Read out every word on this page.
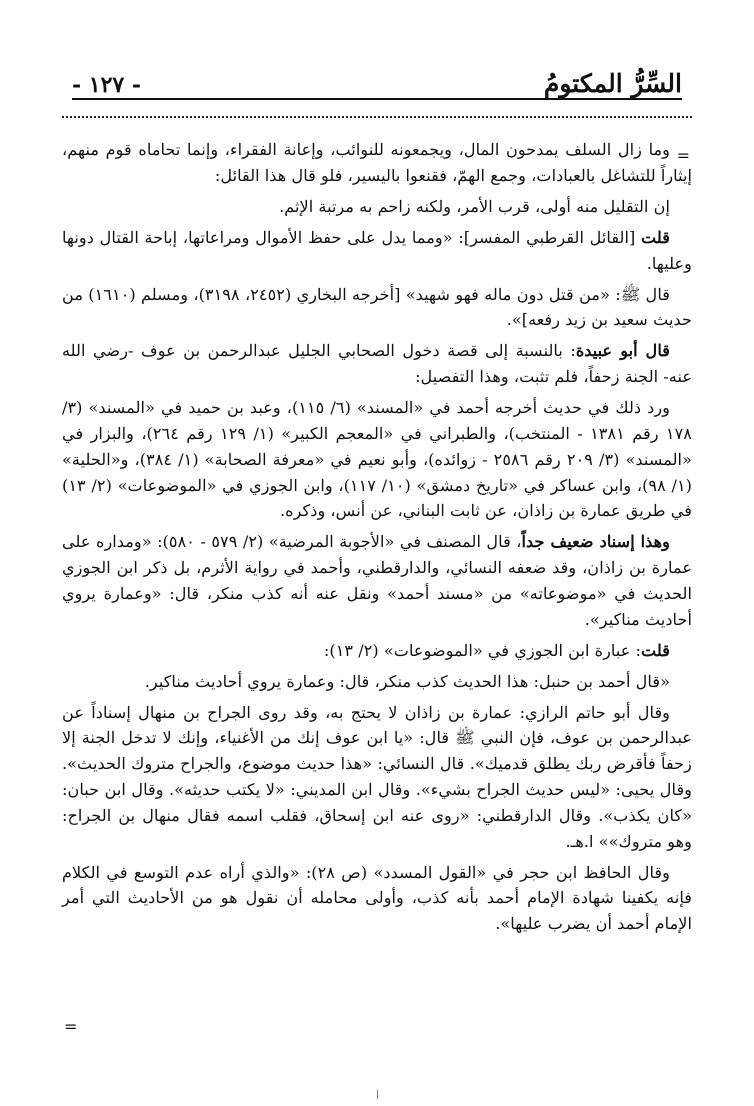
السِّرُّ المكتومُ
- ١٢٧ -
=

وما زال السلف يمدحون المال، ويجمعونه للنوائب، وإعانة الفقراء، وإنما تحاماه قوم منهم، إيثاراً للتشاغل بالعبادات، وجمع الهمّ، فقنعوا باليسير، فلو قال هذا القائل:

إن التقليل منه أولى، قرب الأمر، ولكنه زاحم به مرتبة الإثم.

قلت [القائل القرطبي المفسر]: «ومما يدل على حفظ الأموال ومراعاتها، إباحة القتال دونها وعليها.

قال ﷺ: «من قتل دون ماله فهو شهيد» [أخرجه البخاري (٢٤٥٢، ٣١٩٨)، ومسلم (١٦١٠) من حديث سعيد بن زيد رفعه]».

قال أبو عبيدة: بالنسبة إلى قصة دخول الصحابي الجليل عبدالرحمن بن عوف -رضي الله عنه- الجنة زحفاً، فلم تثبت، وهذا التفصيل:

ورد ذلك في حديث أخرجه أحمد في «المسند» (٦/ ١١٥)، وعبد بن حميد في «المسند» (٣/ ١٧٨ رقم ١٣٨١ - المنتخب)، والطبراني في «المعجم الكبير» (١/ ١٢٩ رقم ٢٦٤)، والبزار في «المسند» (٣/ ٢٠٩ رقم ٢٥٨٦ - زوائده)، وأبو نعيم في «معرفة الصحابة» (١/ ٣٨٤)، و«الحلية» (١/ ٩٨)، وابن عساكر في «تاريخ دمشق» (١٠/ ١١٧)، وابن الجوزي في «الموضوعات» (٢/ ١٣) في طريق عمارة بن زاذان، عن ثابت البناني، عن أنس، وذكره.

وهذا إسناد ضعيف جداً، قال المصنف في «الأجوبة المرضية» (٢/ ٥٧٩ - ٥٨٠): «ومداره على عمارة بن زاذان، وقد ضعفه النسائي، والدارقطني، وأحمد في رواية الأثرم، بل ذكر ابن الجوزي الحديث في «موضوعاته» من «مسند أحمد» ونقل عنه أنه كذب منكر، قال: «وعمارة يروي أحاديث مناكير».

قلت: عبارة ابن الجوزي في «الموضوعات» (٢/ ١٣):

«قال أحمد بن حنبل: هذا الحديث كذب منكر، قال: وعمارة يروي أحاديث مناكير.

وقال أبو حاتم الرازي: عمارة بن زاذان لا يحتج به، وقد روى الجراح بن منهال إسناداً عن عبدالرحمن بن عوف، فإن النبي ﷺ قال: «يا ابن عوف إنك من الأغنياء، وإنك لا تدخل الجنة إلا زحفاً فأقرض ربك يطلق قدميك». قال النسائي: «هذا حديث موضوع، والجراح متروك الحديث». وقال يحيى: «ليس حديث الجراح بشيء». وقال ابن المديني: «لا يكتب حديثه». وقال ابن حبان: «كان يكذب». وقال الدارقطني: «روى عنه ابن إسحاق، فقلب اسمه فقال منهال بن الجراح: وهو متروك»» ا.هـ.

وقال الحافظ ابن حجر في «القول المسدد» (ص ٢٨): «والذي أراه عدم التوسع في الكلام فإنه يكفينا شهادة الإمام أحمد بأنه كذب، وأولى محامله أن نقول هو من الأحاديث التي أمر الإمام أحمد أن يضرب عليها».

=
